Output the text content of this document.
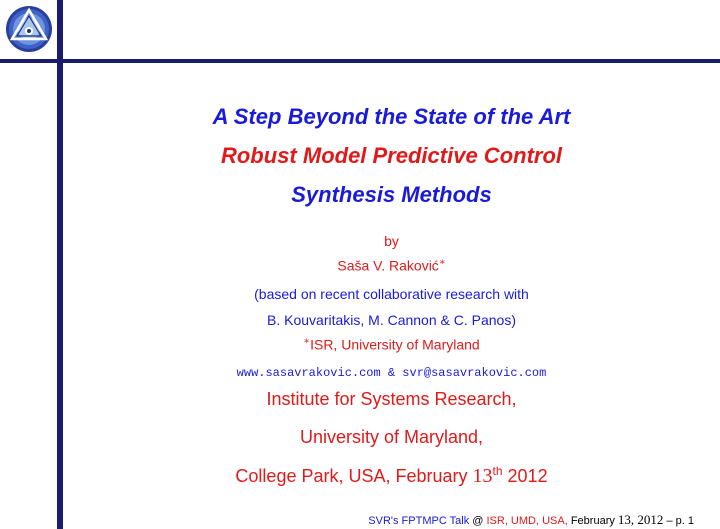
A Step Beyond the State of the Art
Robust Model Predictive Control
Synthesis Methods
by
Saša V. Raković∗
(based on recent collaborative research with
B. Kouvaritakis, M. Cannon & C. Panos)
∗ISR, University of Maryland
www.sasavrakovic.com & svr@sasavrakovic.com
Institute for Systems Research,
University of Maryland,
College Park, USA, February 13th 2012
SVR's FPTMPC Talk @ ISR, UMD, USA, February 13, 2012 – p. 1
